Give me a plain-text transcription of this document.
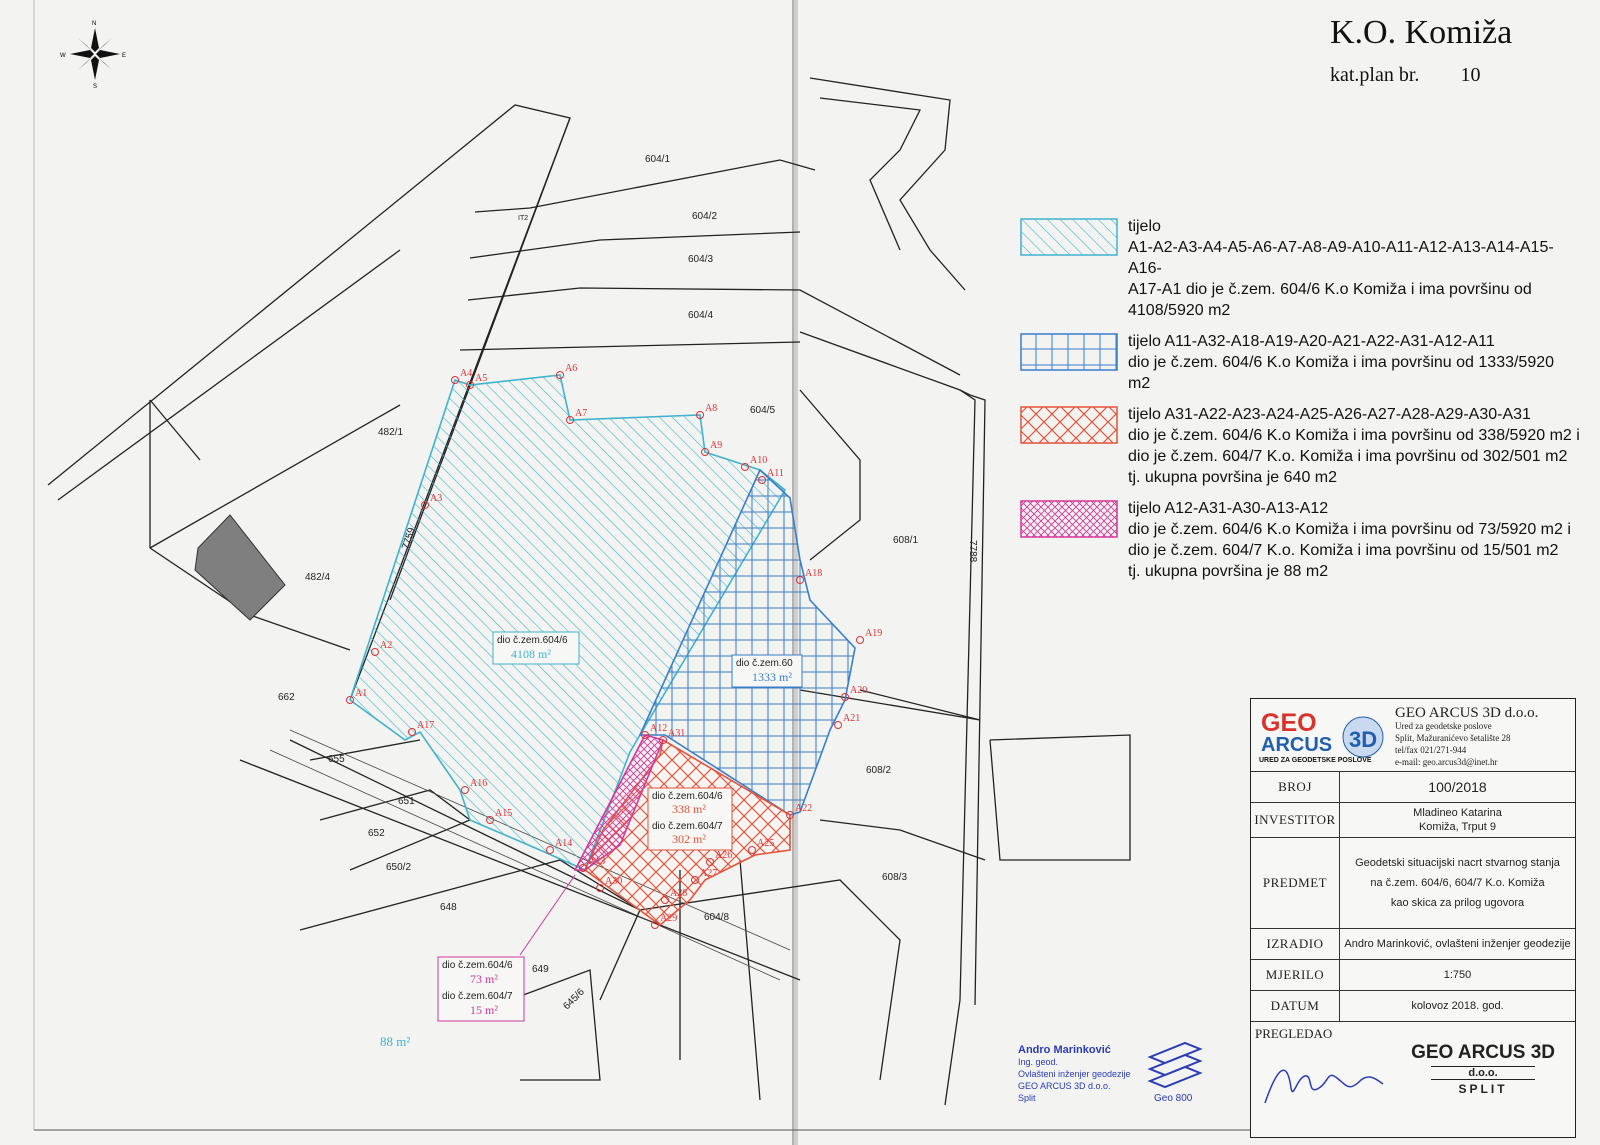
N
S
E
W
A1
A2
A3
A4 A5
A6
A7	A8
A9
A10
A11
A12
A13
A14
A15
A16
A17
A18
A19
A20
A21
A22
A25
A26
A27
A28
A29
A30
A31
604/1
604/2
604/3
604/4
604/5
608/1
608/2
608/3
482/1
482/4
662
655
651
652
650/2
648
649
645/6
604/8
7759
7788
IT2
dio č.zem.604/6
4108 m²
dio č.zem.60
1333 m²
dio č.zem.604/6
338 m²
dio č.zem.604/7
302 m²
dio č.zem.604/6
73 m²
dio č.zem.604/7
15 m²
88 m²
K.O. Komiža
kat.plan br. 10
tijelo
A1-A2-A3-A4-A5-A6-A7-A8-A9-A10-A11-A12-A13-A14-A15-A16-
A17-A1 dio je č.zem. 604/6 K.o Komiža i ima površinu od
4108/5920 m2
tijelo A11-A32-A18-A19-A20-A21-A22-A31-A12-A11
dio je č.zem. 604/6 K.o Komiža i ima površinu od 1333/5920 m2
tijelo A31-A22-A23-A24-A25-A26-A27-A28-A29-A30-A31
dio je č.zem. 604/6 K.o Komiža i ima površinu od 338/5920 m2 i
dio je č.zem. 604/7 K.o. Komiža i ima površinu od 302/501 m2
tj. ukupna površina je 640 m2
tijelo A12-A31-A30-A13-A12
dio je č.zem. 604/6 K.o Komiža i ima površinu od 73/5920 m2 i
dio je č.zem. 604/7 K.o. Komiža i ima površinu od 15/501 m2
tj. ukupna površina je 88 m2
Andro Marinković
Ing. geod.
Ovlašteni inženjer geodezije
GEO ARCUS 3D d.o.o.
Split	Geo 800
GEO
ARCUS 3D
URED ZA GEODETSKE POSLOVE
GEO ARCUS 3D d.o.o.
Ured za geodetske poslove
Split, Mažuranićevo šetalište 28
tel/fax 021/271-944
e-mail: geo.arcus3d@inet.hr
BROJ	100/2018
INVESTITOR	Mladineo Katarina
Komiža, Trput 9
PREDMET
Geodetski situacijski nacrt stvarnog stanja
na č.zem. 604/6, 604/7 K.o. Komiža
kao skica za prilog ugovora
IZRADIO	Andro Marinković, ovlašteni inženjer geodezije
MJERILO	1:750
DATUM	kolovoz 2018. god.
PREGLEDAO
GEO ARCUS 3D
d.o.o.
SPLIT
